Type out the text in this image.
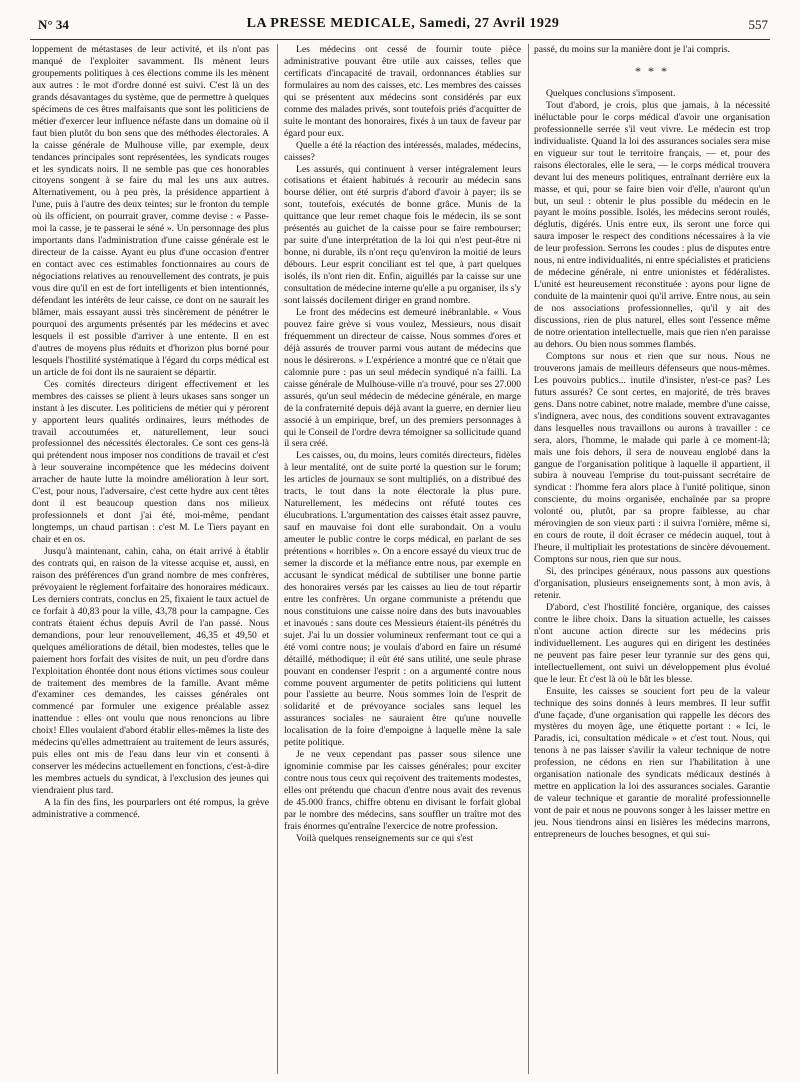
N° 34	LA PRESSE MEDICALE, Samedi, 27 Avril 1929	557

loppement de métastases de leur activité, et ils n'ont pas manqué de l'exploiter savamment. Ils mènent leurs groupements politiques à ces élections comme ils les mènent aux autres : le mot d'ordre donné est suivi. C'est là un des grands désavantages du système, que de permettre à quelques spécimens de ces êtres malfaisants que sont les politiciens de métier d'exercer leur influence néfaste dans un domaine où il faut bien plutôt du bon sens que des méthodes électorales. A la caisse générale de Mulhouse ville, par exemple, deux tendances principales sont représentées, les syndicats rouges et les syndicats noirs. Il ne semble pas que ces honorables citoyens songent à se faire du mal les uns aux autres. Alternativement, ou à peu près, la présidence appartient à l'une, puis à l'autre des deux teintes; sur le fronton du temple où ils officient, on pourrait graver, comme devise : « Passe-moi la casse, je te passerai le séné ». Un personnage des plus importants dans l'administration d'une caisse générale est le directeur de la caisse. Ayant eu plus d'une occasion d'entrer en contact avec ces estimables fonctionnaires au cours de négociations relatives au renouvellement des contrats, je puis vous dire qu'il en est de fort intelligents et bien intentionnés, défendant les intérêts de leur caisse, ce dont on ne saurait les blâmer, mais essayant aussi très sincèrement de pénétrer le pourquoi des arguments présentés par les médecins et avec lesquels il est possible d'arriver à une entente. Il en est d'autres de moyens plus réduits et d'horizon plus borné pour lesquels l'hostilité systématique à l'égard du corps médical est un article de foi dont ils ne sauraient se départir.

Ces comités directeurs dirigent effectivement et les membres des caisses se plient à leurs ukases sans songer un instant à les discuter. Les politiciens de métier qui y pérorent y apportent leurs qualités ordinaires, leurs méthodes de travail accoutumées et, naturellement, leur souci professionnel des nécessités électorales. Ce sont ces gens-là qui prétendent nous imposer nos conditions de travail et c'est à leur souveraine incompétence que les médecins doivent arracher de haute lutte la moindre amélioration à leur sort. C'est, pour nous, l'adversaire, c'est cette hydre aux cent têtes dont il est beaucoup question dans nos milieux professionnels et dont j'ai été, moi-même, pendant longtemps, un chaud partisan : c'est M. Le Tiers payant en chair et en os.

Jusqu'à maintenant, cahin, caha, on était arrivé à établir des contrats qui, en raison de la vitesse acquise et, aussi, en raison des préférences d'un grand nombre de mes confrères, prévoyaient le règlement forfaitaire des honoraires médicaux. Les derniers contrats, conclus en 25, fixaient le taux actuel de ce forfait à 40,83 pour la ville, 43,78 pour la campagne. Ces contrats étaient échus depuis Avril de l'an passé. Nous demandions, pour leur renouvellement, 46,35 et 49,50 et quelques améliorations de détail, bien modestes, telles que le paiement hors forfait des visites de nuit, un peu d'ordre dans l'exploitation éhontée dont nous étions victimes sous couleur de traitement des membres de la famille. Avant même d'examiner ces demandes, les caisses générales ont commencé par formuler une exigence préalable assez inattendue : elles ont voulu que nous renoncions au libre choix! Elles voulaient d'abord établir elles-mêmes la liste des médecins qu'elles admettraient au traitement de leurs assurés, puis elles ont mis de l'eau dans leur vin et consenti à conserver les médecins actuellement en fonctions, c'est-à-dire les membres actuels du syndicat, à l'exclusion des jeunes qui viendraient plus tard.

A la fin des fins, les pourparlers ont été rompus, la grève administrative a commencé.

Les médecins ont cessé de fournir toute pièce administrative pouvant être utile aux caisses, telles que certificats d'incapacité de travail, ordonnances établies sur formulaires au nom des caisses, etc. Les membres des caisses qui se présentent aux médecins sont considérés par eux comme des malades privés, sont toutefois priés d'acquitter de suite le montant des honoraires, fixés à un taux de faveur par égard pour eux.

Quelle a été la réaction des intéressés, malades, médecins, caisses?

Les assurés, qui continuent à verser intégralement leurs cotisations et étaient habitués à recourir au médecin sans bourse délier, ont été surpris d'abord d'avoir à payer; ils se sont, toutefois, exécutés de bonne grâce. Munis de la quittance que leur remet chaque fois le médecin, ils se sont présentés au guichet de la caisse pour se faire rembourser; par suite d'une interprétation de la loi qui n'est peut-être ni bonne, ni durable, ils n'ont reçu qu'environ la moitié de leurs débours. Leur esprit conciliant est tel que, à part quelques isolés, ils n'ont rien dit. Enfin, aiguillés par la caisse sur une consultation de médecine interne qu'elle a pu organiser, ils s'y sont laissés docilement diriger en grand nombre.

Le front des médecins est demeuré inébranlable. « Vous pouvez faire grève si vous voulez, Messieurs, nous disait fréquemment un directeur de caisse. Nous sommes d'ores et déjà assurés de trouver parmi vous autant de médecins que nous le désirerons. » L'expérience a montré que ce n'était que calomnie pure : pas un seul médecin syndiqué n'a failli. La caisse générale de Mulhouse-ville n'a trouvé, pour ses 27.000 assurés, qu'un seul médecin de médecine générale, en marge de la confraternité depuis déjà avant la guerre, en dernier lieu associé à un empirique, bref, un des premiers personnages à qui le Conseil de l'ordre devra témoigner sa sollicitude quand il sera créé.

Les caisses, ou, du moins, leurs comités directeurs, fidèles à leur mentalité, ont de suite porté la question sur le forum; les articles de journaux se sont multipliés, on a distribué des tracts, le tout dans la note électorale la plus pure. Naturellement, les médecins ont réfuté toutes ces élucubrations. L'argumentation des caisses était assez pauvre, sauf en mauvaise foi dont elle surabondait. On a voulu ameuter le public contre le corps médical, en parlant de ses prétentions « horribles ». On a encore essayé du vieux truc de semer la discorde et la méfiance entre nous, par exemple en accusant le syndicat médical de subtiliser une bonne partie des honoraires versés par les caisses au lieu de tout répartir entre les confrères. Un organe communiste a prétendu que nous constituions une caisse noire dans des buts inavouables et inavoués : sans doute ces Messieurs étaient-ils pénétrés du sujet. J'ai lu un dossier volumineux renfermant tout ce qui a été vomi contre nous; je voulais d'abord en faire un résumé détaillé, méthodique; il eût été sans utilité, une seule phrase pouvant en condenser l'esprit : on a argumenté contre nous comme pouvent argumenter de petits politiciens qui luttent pour l'assiette au beurre. Nous sommes loin de l'esprit de solidarité et de prévoyance sociales sans lequel les assurances sociales ne sauraient être qu'une nouvelle localisation de la foire d'empoigne à laquelle mène la sale petite politique.

Je ne veux cependant pas passer sous silence une ignominie commise par les caisses générales; pour exciter contre nous tous ceux qui reçoivent des traitements modestes, elles ont prétendu que chacun d'entre nous avait des revenus de 45.000 francs, chiffre obtenu en divisant le forfait global par le nombre des médecins, sans souffler un traître mot des frais énormes qu'entraîne l'exercice de notre profession.

Voilà quelques renseignements sur ce qui s'est

passé, du moins sur la manière dont je l'ai compris.

* * *

Quelques conclusions s'imposent.

Tout d'abord, je crois, plus que jamais, à la nécessité inéluctable pour le corps médical d'avoir une organisation professionnelle serrée s'il veut vivre. Le médecin est trop individualiste. Quand la loi des assurances sociales sera mise en vigueur sur tout le territoire français, — et, pour des raisons électorales, elle le sera, — le corps médical trouvera devant lui des meneurs politiques, entraînant derrière eux la masse, et qui, pour se faire bien voir d'elle, n'auront qu'un but, un seul : obtenir le plus possible du médecin en le payant le moins possible. Isolés, les médecins seront roulés, déglutis, digérés. Unis entre eux, ils seront une force qui saura imposer le respect des conditions nécessaires à la vie de leur profession. Serrons les coudes : plus de disputes entre nous, ni entre individualités, ni entre spécialistes et praticiens de médecine générale, ni entre unionistes et fédéralistes. L'unité est heureusement reconstituée : ayons pour ligne de conduite de la maintenir quoi qu'il arrive. Entre nous, au sein de nos associations professionnelles, qu'il y ait des discussions, rien de plus naturel, elles sont l'essence même de notre orientation intellectuelle, mais que rien n'en paraisse au dehors. Ou bien nous sommes flambés.

Comptons sur nous et rien que sur nous. Nous ne trouverons jamais de meilleurs défenseurs que nous-mêmes. Les pouvoirs publics... inutile d'insister, n'est-ce pas? Les futurs assurés? Ce sont certes, en majorité, de très braves gens. Dans notre cabinet, notre malade, membre d'une caisse, s'indignera, avec nous, des conditions souvent extravagantes dans lesquelles nous travaillons ou aurons à travailler : ce sera, alors, l'homme, le malade qui parle à ce moment-là; mais une fois dehors, il sera de nouveau englobé dans la gangue de l'organisation politique à laquelle il appartient, il subira à nouveau l'emprise du tout-puissant secrétaire de syndicat : l'homme fera alors place à l'unité politique, sinon consciente, du moins organisée, enchaînée par sa propre volonté ou, plutôt, par sa propre faiblesse, au char mérovingien de son vieux parti : il suivra l'ornière, même si, en cours de route, il doit écraser ce médecin auquel, tout à l'heure, il multipliait les protestations de sincère dévouement. Comptons sur nous, rien que sur nous.

Si, des principes généraux, nous passons aux questions d'organisation, plusieurs enseignements sont, à mon avis, à retenir.

D'abord, c'est l'hostilité foncière, organique, des caisses contre le libre choix. Dans la situation actuelle, les caisses n'ont aucune action directe sur les médecins pris individuellement. Les augures qui en dirigent les destinées ne peuvent pas faire peser leur tyrannie sur des gens qui, intellectuellement, ont suivi un développement plus évolué que le leur. Et c'est là où le bât les blesse.

Ensuite, les caisses se soucient fort peu de la valeur technique des soins donnés à leurs membres. Il leur suffit d'une façade, d'une organisation qui rappelle les décors des mystères du moyen âge, une étiquette portant : « Ici, le Paradis, ici, consultation médicale » et c'est tout. Nous, qui tenons à ne pas laisser s'avilir la valeur technique de notre profession, ne cédons en rien sur l'habilitation à une organisation nationale des syndicats médicaux destinés à mettre en application la loi des assurances sociales. Garantie de valeur technique et garantie de moralité professionnelle vont de pair et nous ne pouvons songer à les laisser mettre en jeu. Nous tiendrons ainsi en lisières les médecins marrons, entrepreneurs de louches besognes, et qui sui-
